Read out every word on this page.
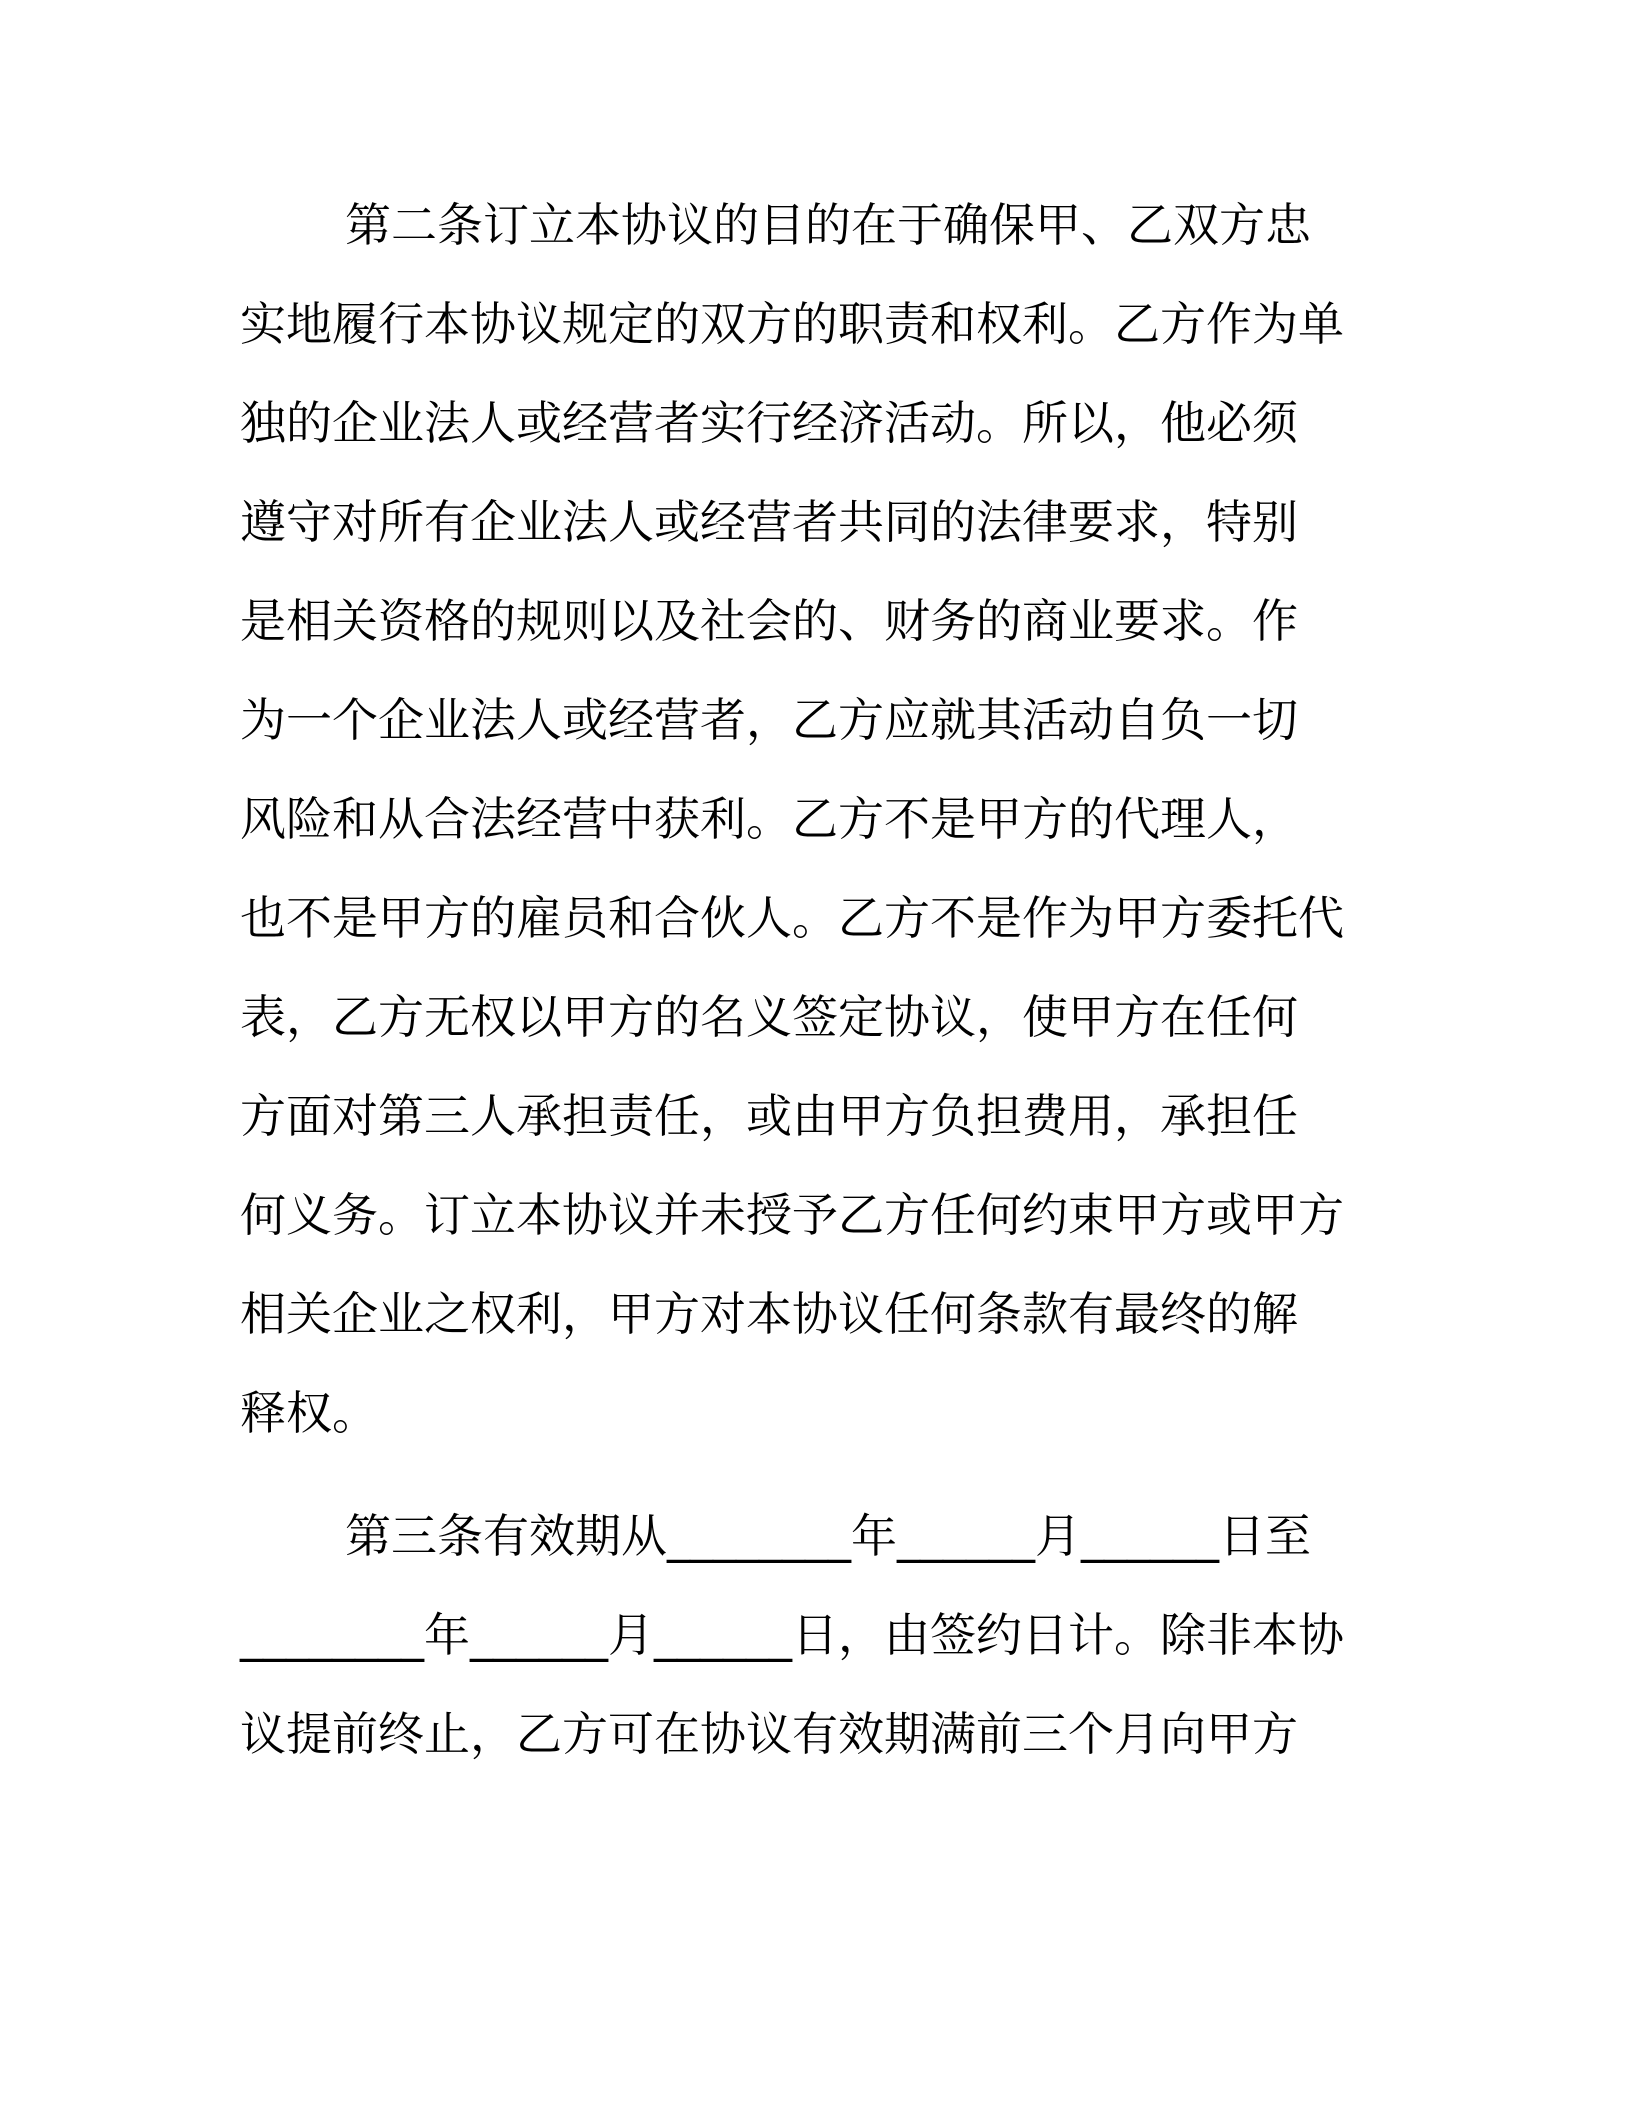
第二条订立本协议的目的在于确保甲、乙双方忠
实地履行本协议规定的双方的职责和权利。乙方作为单
独的企业法人或经营者实行经济活动。所以，他必须
遵守对所有企业法人或经营者共同的法律要求，特别
是相关资格的规则以及社会的、财务的商业要求。作
为一个企业法人或经营者，乙方应就其活动自负一切
风险和从合法经营中获利。乙方不是甲方的代理人，
也不是甲方的雇员和合伙人。乙方不是作为甲方委托代
表，乙方无权以甲方的名义签定协议，使甲方在任何
方面对第三人承担责任，或由甲方负担费用，承担任
何义务。订立本协议并未授予乙方任何约束甲方或甲方
相关企业之权利，甲方对本协议任何条款有最终的解
释权。
第三条有效期从________年______月______日至
________年______月______日，由签约日计。除非本协
议提前终止，乙方可在协议有效期满前三个月向甲方
